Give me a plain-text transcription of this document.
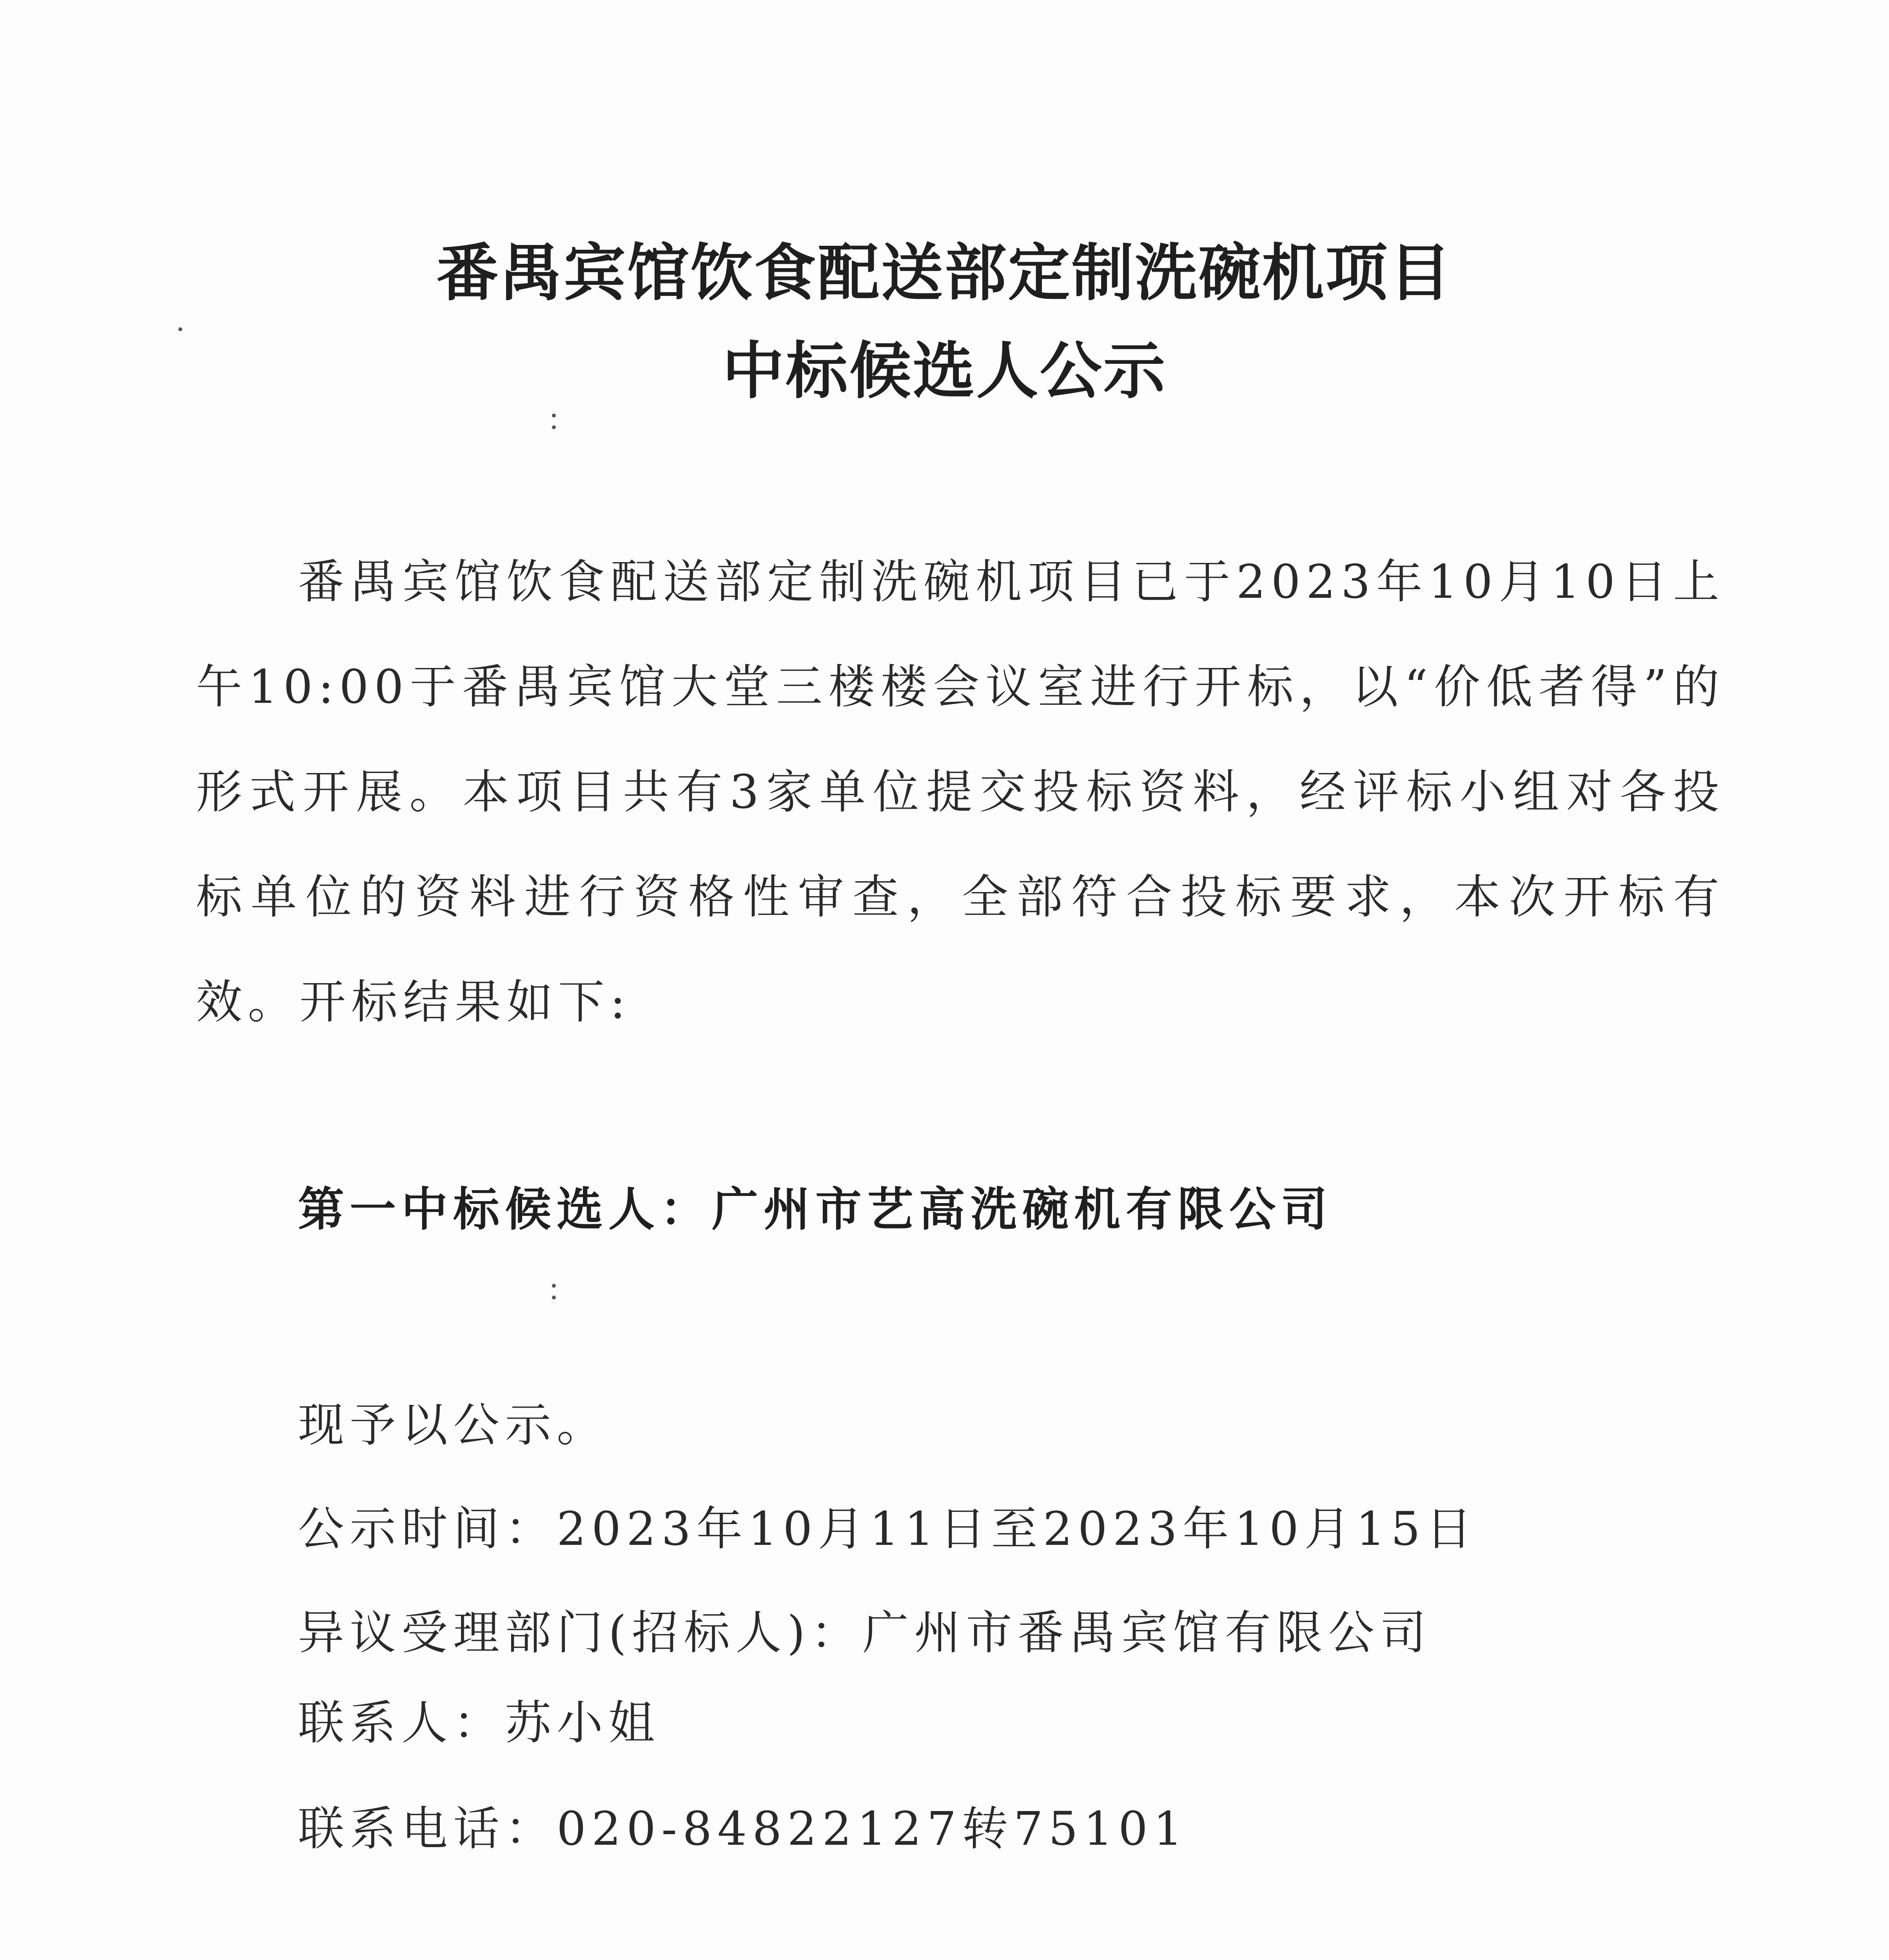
番禺宾馆饮食配送部定制洗碗机项目
中标候选人公示
番禺宾馆饮食配送部定制洗碗机项目已于2023年10月10日上午10:00于番禺宾馆大堂三楼楼会议室进行开标，以“价低者得”的形式开展。本项目共有3家单位提交投标资料，经评标小组对各投标单位的资料进行资格性审查，全部符合投标要求，本次开标有效。开标结果如下:
第一中标候选人：广州市艺高洗碗机有限公司
现予以公示。
公示时间：2023年10月11日至2023年10月15日
异议受理部门(招标人)：广州市番禺宾馆有限公司
联系人：苏小姐
联系电话：020-84822127转75101
